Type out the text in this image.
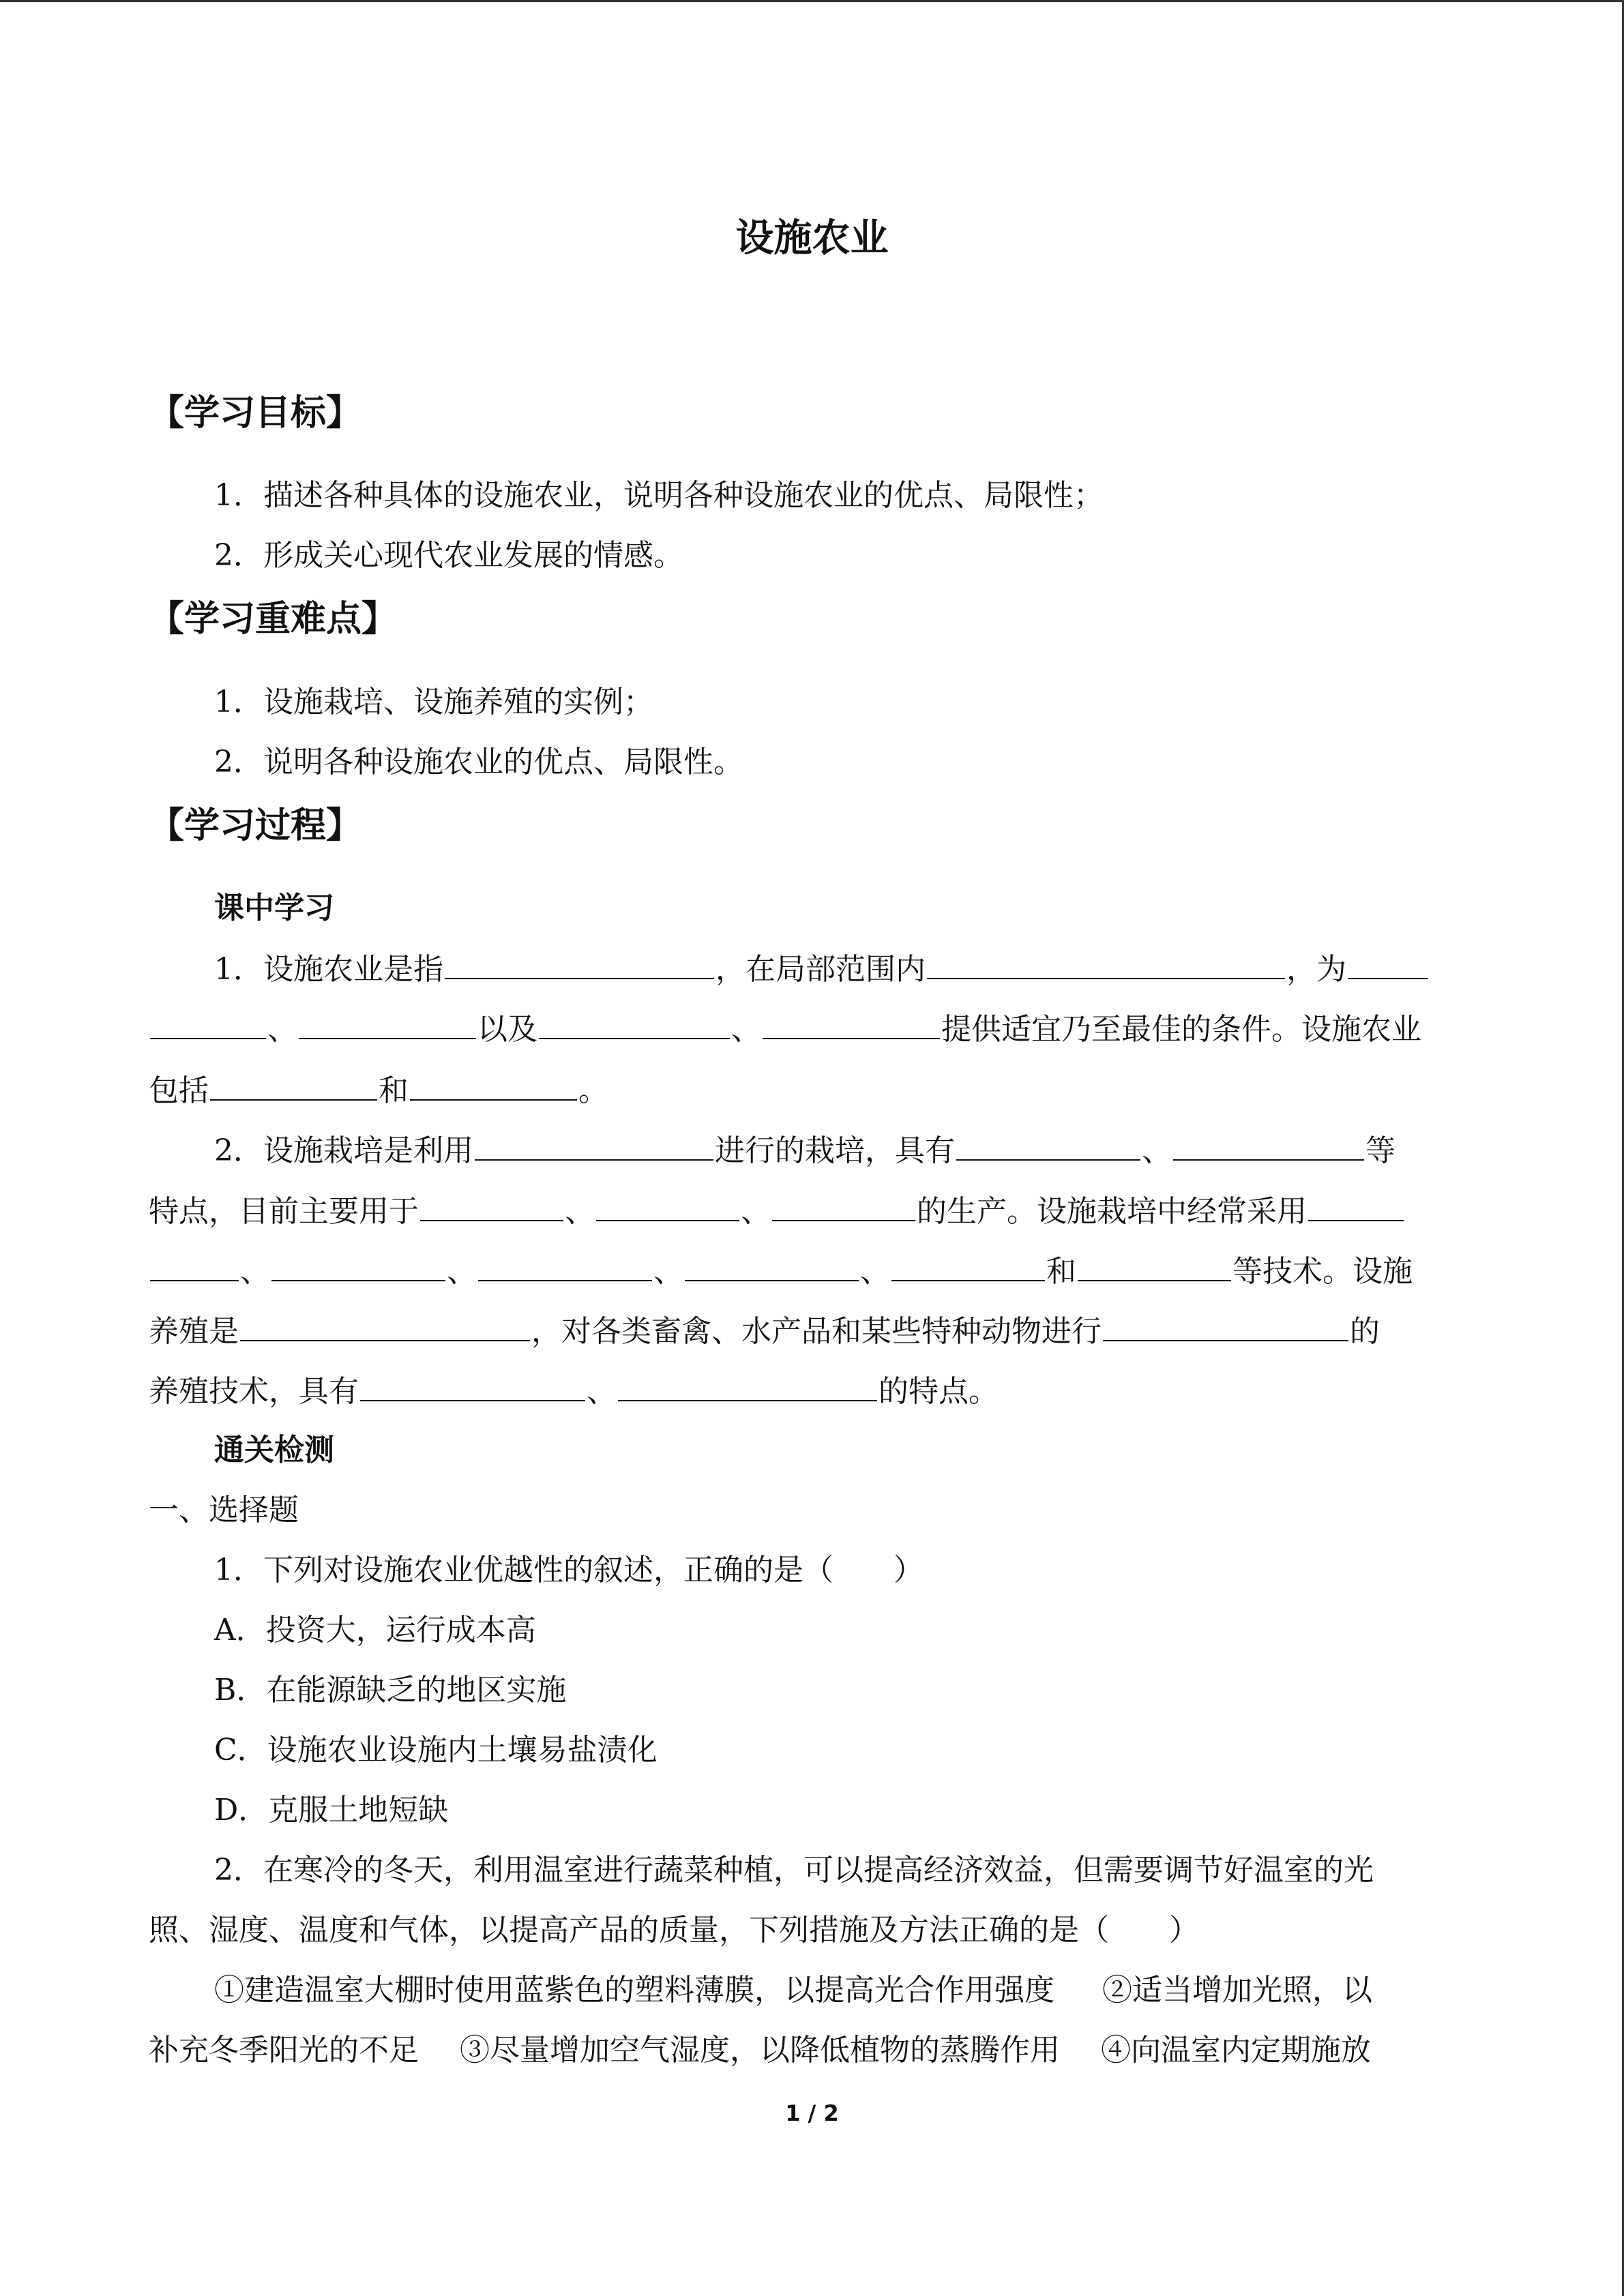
设施农业
【学习目标】
1．描述各种具体的设施农业，说明各种设施农业的优点、局限性；
2．形成关心现代农业发展的情感。
【学习重难点】
1．设施栽培、设施养殖的实例；
2．说明各种设施农业的优点、局限性。
【学习过程】
课中学习
1．设施农业是指	，在局部范围内	，为
、	以及	、	提供适宜乃至最佳的条件。设施农业
包括	和	。
2．设施栽培是利用	进行的栽培，具有	、	等
特点，目前主要用于	、	、	的生产。设施栽培中经常采用
、	、	、	、	和	等技术。设施
养殖是	，对各类畜禽、水产品和某些特种动物进行	的
养殖技术，具有	、	的特点。
通关检测
一、选择题
1．下列对设施农业优越性的叙述，正确的是（　　）
A．投资大，运行成本高
B．在能源缺乏的地区实施
C．设施农业设施内土壤易盐渍化
D．克服土地短缺
2．在寒冷的冬天，利用温室进行蔬菜种植，可以提高经济效益，但需要调节好温室的光
照、湿度、温度和气体，以提高产品的质量，下列措施及方法正确的是（　　）
①建造温室大棚时使用蓝紫色的塑料薄膜，以提高光合作用强度 ②适当增加光照，以
补充冬季阳光的不足 ③尽量增加空气湿度，以降低植物的蒸腾作用 ④向温室内定期施放
1 / 2
